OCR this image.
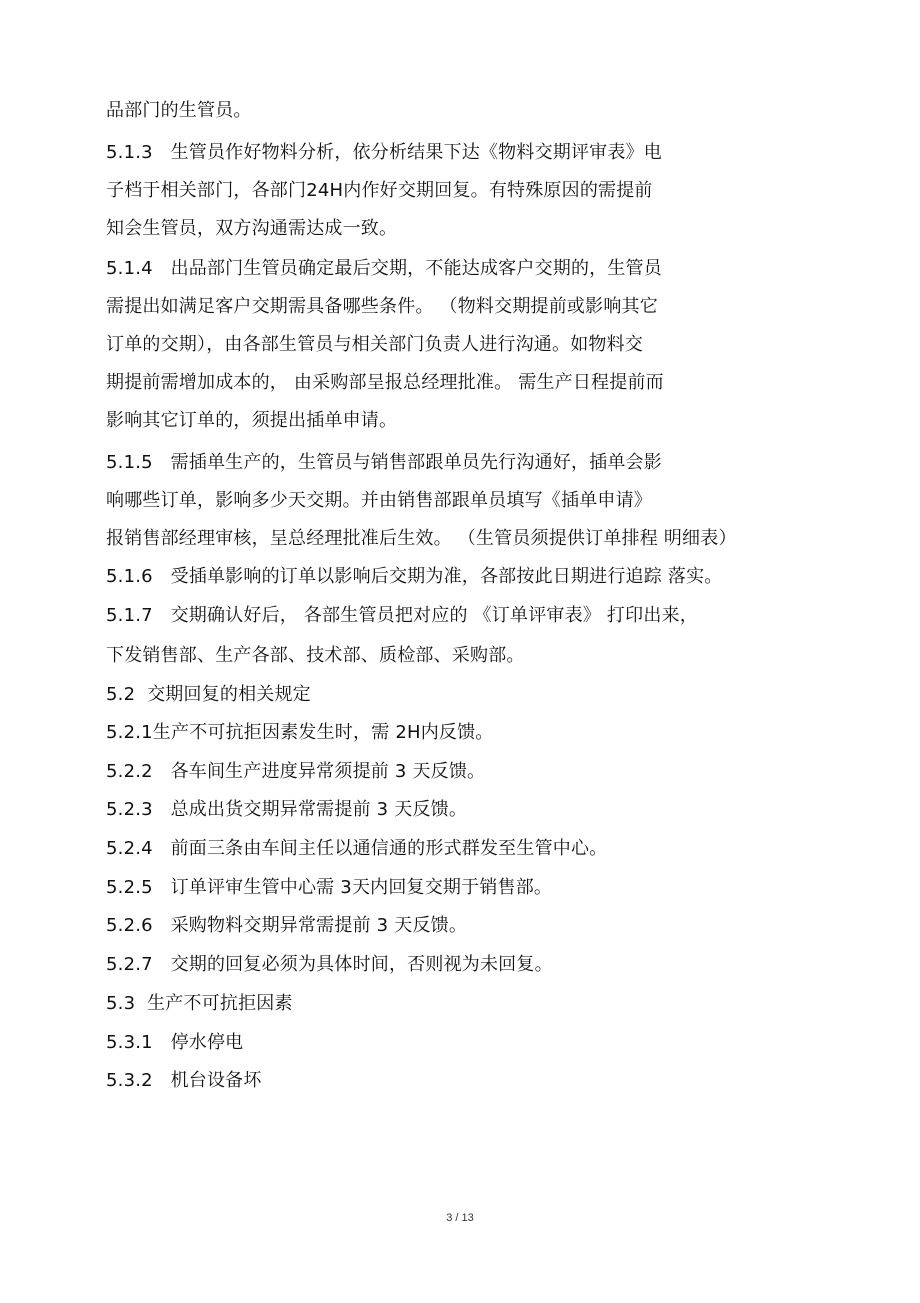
品部门的生管员。
5.1.3   生管员作好物料分析，依分析结果下达《物料交期评审表》电
子档于相关部门，各部门24H内作好交期回复。有特殊原因的需提前
知会生管员，双方沟通需达成一致。
5.1.4   出品部门生管员确定最后交期，不能达成客户交期的，生管员
需提出如满足客户交期需具备哪些条件。 （物料交期提前或影响其它
订单的交期），由各部生管员与相关部门负责人进行沟通。如物料交
期提前需增加成本的， 由采购部呈报总经理批准。 需生产日程提前而
影响其它订单的，须提出插单申请。
5.1.5   需插单生产的，生管员与销售部跟单员先行沟通好，插单会影
响哪些订单，影响多少天交期。并由销售部跟单员填写《插单申请》
报销售部经理审核，呈总经理批准后生效。 （生管员须提供订单排程 明细表）
5.1.6   受插单影响的订单以影响后交期为准，各部按此日期进行追踪 落实。
5.1.7   交期确认好后， 各部生管员把对应的 《订单评审表》 打印出来，
下发销售部、生产各部、技术部、质检部、采购部。
5.2  交期回复的相关规定
5.2.1生产不可抗拒因素发生时，需 2H内反馈。
5.2.2   各车间生产进度异常须提前 3 天反馈。
5.2.3   总成出货交期异常需提前 3 天反馈。
5.2.4   前面三条由车间主任以通信通的形式群发至生管中心。
5.2.5   订单评审生管中心需 3天内回复交期于销售部。
5.2.6   采购物料交期异常需提前 3 天反馈。
5.2.7   交期的回复必须为具体时间，否则视为未回复。
5.3  生产不可抗拒因素
5.3.1   停水停电
5.3.2   机台设备坏
3 / 13
